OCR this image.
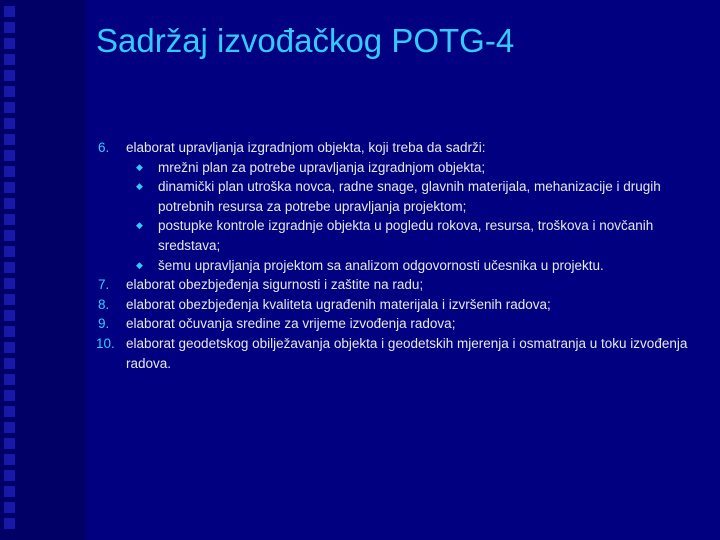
Sadržaj izvođačkog POTG-4
6. elaborat upravljanja izgradnjom objekta, koji treba da sadrži:
◆ mrežni plan za potrebe upravljanja izgradnjom objekta;
◆ dinamički plan utroška novca, radne snage, glavnih materijala, mehanizacije i drugih potrebnih resursa za potrebe upravljanja projektom;
◆ postupke kontrole izgradnje objekta u pogledu rokova, resursa, troškova i novčanih sredstava;
◆ šemu upravljanja projektom sa analizom odgovornosti učesnika u projektu.
7. elaborat obezbjeđenja sigurnosti i zaštite na radu;
8. elaborat obezbjeđenja kvaliteta ugrađenih materijala i izvršenih radova;
9. elaborat očuvanja sredine za vrijeme izvođenja radova;
10. elaborat geodetskog obilježavanja objekta i geodetskih mjerenja i osmatranja u toku izvođenja radova.
